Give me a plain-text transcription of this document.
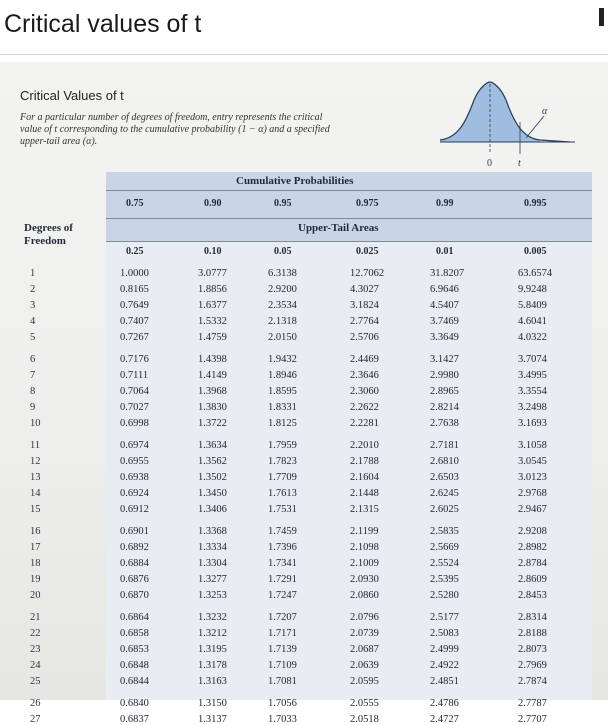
Critical values of t
Critical Values of t
For a particular number of degrees of freedom, entry represents the critical value of t corresponding to the cumulative probability (1 − α) and a specified upper-tail area (α).
0	t
α
Cumulative Probabilities
Upper-Tail Areas
Degrees of Freedom
0.75	0.90	0.95	0.975	0.99	0.995
0.25	0.10	0.05	0.025	0.01	0.005
1	1.0000	3.0777	6.3138	12.7062	31.8207	63.6574
2	0.8165	1.8856	2.9200	4.3027	6.9646	9.9248
3	0.7649	1.6377	2.3534	3.1824	4.5407	5.8409
4	0.7407	1.5332	2.1318	2.7764	3.7469	4.6041
5	0.7267	1.4759	2.0150	2.5706	3.3649	4.0322
6	0.7176	1.4398	1.9432	2.4469	3.1427	3.7074
7	0.7111	1.4149	1.8946	2.3646	2.9980	3.4995
8	0.7064	1.3968	1.8595	2.3060	2.8965	3.3554
9	0.7027	1.3830	1.8331	2.2622	2.8214	3.2498
10	0.6998	1.3722	1.8125	2.2281	2.7638	3.1693
11	0.6974	1.3634	1.7959	2.2010	2.7181	3.1058
12	0.6955	1.3562	1.7823	2.1788	2.6810	3.0545
13	0.6938	1.3502	1.7709	2.1604	2.6503	3.0123
14	0.6924	1.3450	1.7613	2.1448	2.6245	2.9768
15	0.6912	1.3406	1.7531	2.1315	2.6025	2.9467
16	0.6901	1.3368	1.7459	2.1199	2.5835	2.9208
17	0.6892	1.3334	1.7396	2.1098	2.5669	2.8982
18	0.6884	1.3304	1.7341	2.1009	2.5524	2.8784
19	0.6876	1.3277	1.7291	2.0930	2.5395	2.8609
20	0.6870	1.3253	1.7247	2.0860	2.5280	2.8453
21	0.6864	1.3232	1.7207	2.0796	2.5177	2.8314
22	0.6858	1.3212	1.7171	2.0739	2.5083	2.8188
23	0.6853	1.3195	1.7139	2.0687	2.4999	2.8073
24	0.6848	1.3178	1.7109	2.0639	2.4922	2.7969
25	0.6844	1.3163	1.7081	2.0595	2.4851	2.7874
26	0.6840	1.3150	1.7056	2.0555	2.4786	2.7787
27	0.6837	1.3137	1.7033	2.0518	2.4727	2.7707
